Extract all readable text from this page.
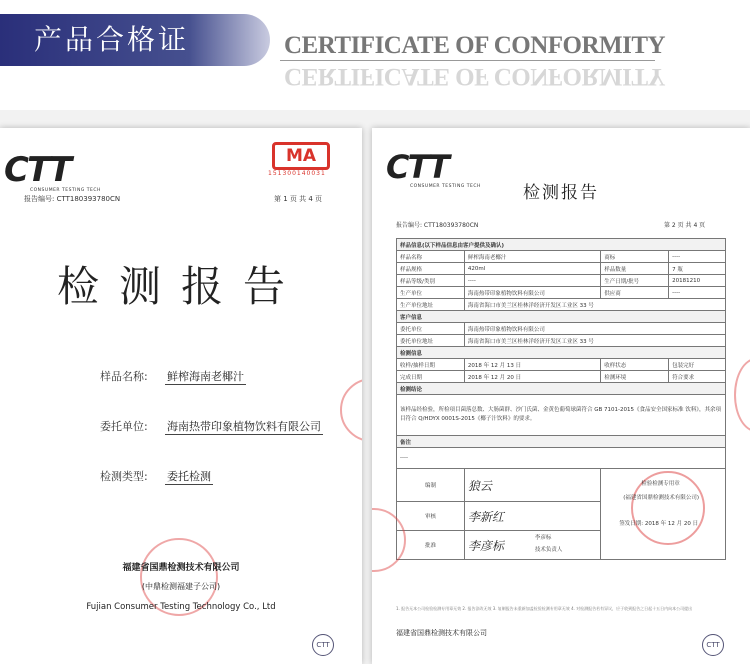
产品合格证	CERTIFICATE OF CONFORMITY
CERTIFICATE OF CONFORMITY
CTT
CONSUMER TESTING TECH
报告编号: CTT180393780CN	第 1 页 共 4 页
MA
151300140031
检测报告
样品名称: 鲜榨海南老椰汁
委托单位: 海南热带印象植物饮料有限公司
检测类型: 委托检测
福建省国鼎检测技术有限公司
(中鼎检测福建子公司)
Fujian Consumer Testing Technology Co., Ltd
CTT
CTT
CONSUMER TESTING TECH	检测报告
报告编号: CTT180393780CN	第 2 页 共 4 页
样品信息(以下样品信息由客户提供及确认)			
样品名称	鲜榨海南老椰汁	商标	----
样品规格	420ml	样品数量	7 瓶
样品等级/类别	----	生产日期/批号	20181210
生产单位	海南热带印象植物饮料有限公司	供应商	----
生产单位地址	海南省海口市美兰区桂林洋经济开发区工业区 33 号		
客户信息			
委托单位	海南热带印象植物饮料有限公司		
委托单位地址	海南省海口市美兰区桂林洋经济开发区工业区 33 号		
检测信息			
收样/抽样日期	2018 年 12 月 13 日	收样状态	包装完好
完成日期	2018 年 12 月 20 日	检测环境	符合要求
检测结论			
该样品经检验，所检项目菌落总数、大肠菌群、沙门氏菌、金黄色葡萄球菌符合 GB 7101-2015《食品安全国家标准 饮料》，其余项目符合 Q/HDYX 0001S-2015《椰子汁饮料》的要求。			
备注			
----			
编制	狼云	检验检测专用章
(福建省国鼎检测技术有限公司)
签发日期: 2018 年 12 月 20 日	

审核	李新红		
批准	李彦标
李彦标
技术负责人		
1. 报告无本公司检验检测专用章无效 2. 报告涂改无效 3. 复制报告未重新加盖检验检测专用章无效 4. 对检测报告若有异议，应于收到报告之日起十五日内向本公司提出
福建省国鼎检测技术有限公司
CTT
